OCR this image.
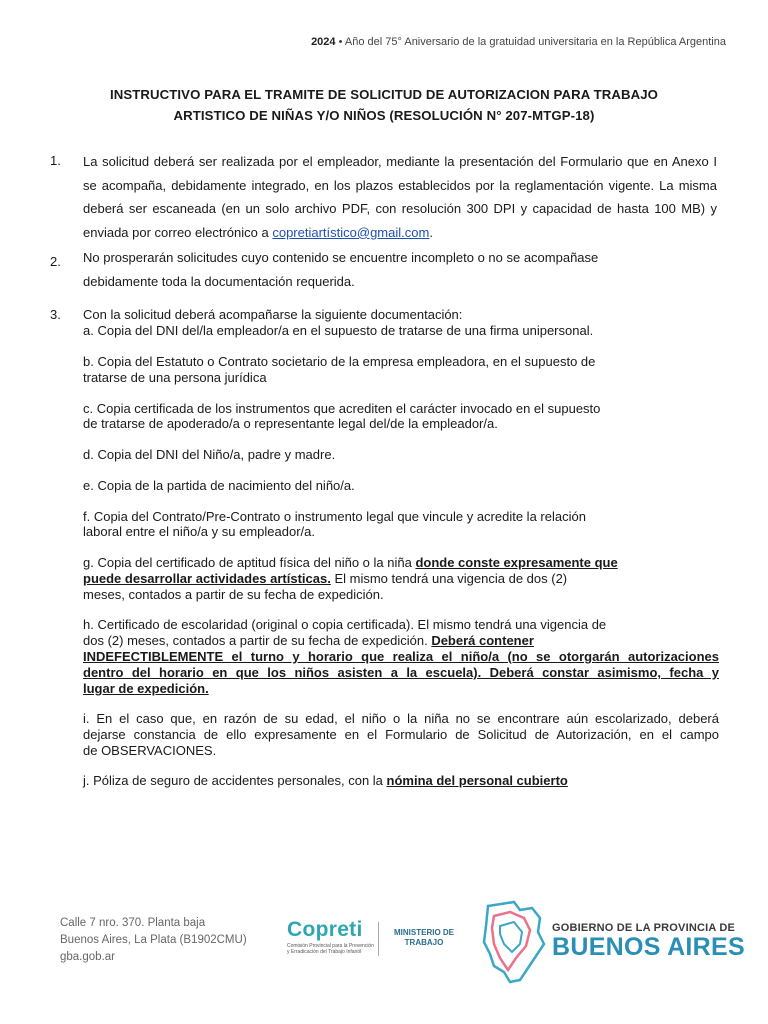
2024 • Año del 75° Aniversario de la gratuidad universitaria en la República Argentina
INSTRUCTIVO PARA EL TRAMITE DE SOLICITUD DE AUTORIZACION PARA TRABAJO
ARTISTICO DE NIÑAS Y/O NIÑOS (RESOLUCIÓN N° 207-MTGP-18)
1. La solicitud deberá ser realizada por el empleador, mediante la presentación del Formulario que en Anexo I se acompaña, debidamente integrado, en los plazos establecidos por la reglamentación vigente. La misma deberá ser escaneada (en un solo archivo PDF, con resolución 300 DPI y capacidad de hasta 100 MB) y enviada por correo electrónico a copretiartístico@gmail.com.
2. No prosperarán solicitudes cuyo contenido se encuentre incompleto o no se acompañase
debidamente toda la documentación requerida.
3. Con la solicitud deberá acompañarse la siguiente documentación:
a. Copia del DNI del/la empleador/a en el supuesto de tratarse de una firma unipersonal.
b. Copia del Estatuto o Contrato societario de la empresa empleadora, en el supuesto de
tratarse de una persona jurídica
c. Copia certificada de los instrumentos que acrediten el carácter invocado en el supuesto
de tratarse de apoderado/a o representante legal del/de la empleador/a.
d. Copia del DNI del Niño/a, padre y madre.
e. Copia de la partida de nacimiento del niño/a.
f. Copia del Contrato/Pre-Contrato o instrumento legal que vincule y acredite la relación
laboral entre el niño/a y su empleador/a.
g. Copia del certificado de aptitud física del niño o la niña donde conste expresamente que
puede desarrollar actividades artísticas. El mismo tendrá una vigencia de dos (2)
meses, contados a partir de su fecha de expedición.
h. Certificado de escolaridad (original o copia certificada). El mismo tendrá una vigencia de
dos (2) meses, contados a partir de su fecha de expedición. Deberá contener
INDEFECTIBLEMENTE el turno y horario que realiza el niño/a (no se otorgarán autorizaciones
dentro del horario en que los niños asisten a la escuela). Deberá constar asimismo, fecha y
lugar de expedición.
i. En el caso que, en razón de su edad, el niño o la niña no se encontrare aún escolarizado, deberá
dejarse constancia de ello expresamente en el Formulario de Solicitud de Autorización, en el campo
de OBSERVACIONES.
j. Póliza de seguro de accidentes personales, con la nómina del personal cubierto
Calle 7 nro. 370. Planta baja
Buenos Aires, La Plata (B1902CMU)
gba.gob.ar
Copreti
Comisión Provincial para la Prevención y Erradicación del Trabajo Infantil
MINISTERIO DE
TRABAJO
GOBIERNO DE LA PROVINCIA DE
BUENOS AIRES
